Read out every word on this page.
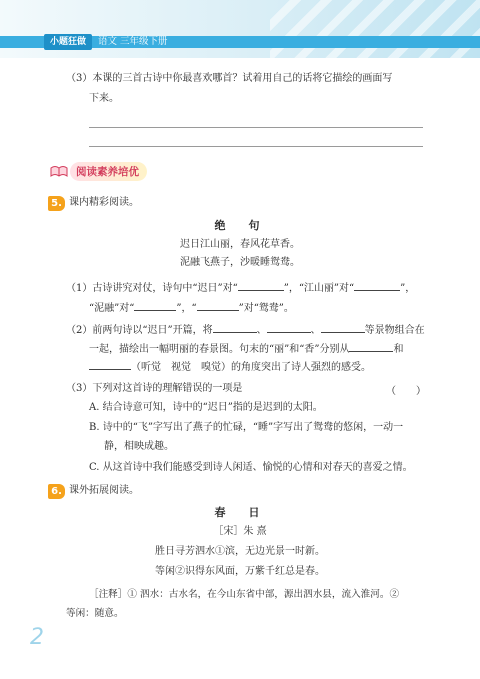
小题狂做	语文 三年级下册
（3）本课的三首古诗中你最喜欢哪首？试着用自己的话将它描绘的画面写
下来。
阅读素养培优
5. 课内精彩阅读。
绝　句
迟日江山丽，春风花草香。
泥融飞燕子，沙暖睡鸳鸯。
（1）古诗讲究对仗，诗句中“迟日”对“	”，“江山丽”对“	”，
“泥融”对“	”，“	”对“鸳鸯”。
（2）前两句诗以“迟日”开篇，将	、	、	等景物组合在
一起，描绘出一幅明丽的春景图。句末的“丽”和“香”分别从	和
（听觉　视觉　嗅觉）的角度突出了诗人强烈的感受。
（3）下列对这首诗的理解错误的一项是	（　　）
A. 结合诗意可知，诗中的“迟日”指的是迟到的太阳。
B. 诗中的“飞”字写出了燕子的忙碌，“睡”字写出了鸳鸯的悠闲，一动一
静，相映成趣。
C. 从这首诗中我们能感受到诗人闲适、愉悦的心情和对春天的喜爱之情。
6. 课外拓展阅读。
春　日
［宋］朱 熹
胜日寻芳泗水①滨，无边光景一时新。
等闲②识得东风面，万紫千红总是春。
［注释］① 泗水：古水名，在今山东省中部，源出泗水县，流入淮河。②
等闲：随意。
2
